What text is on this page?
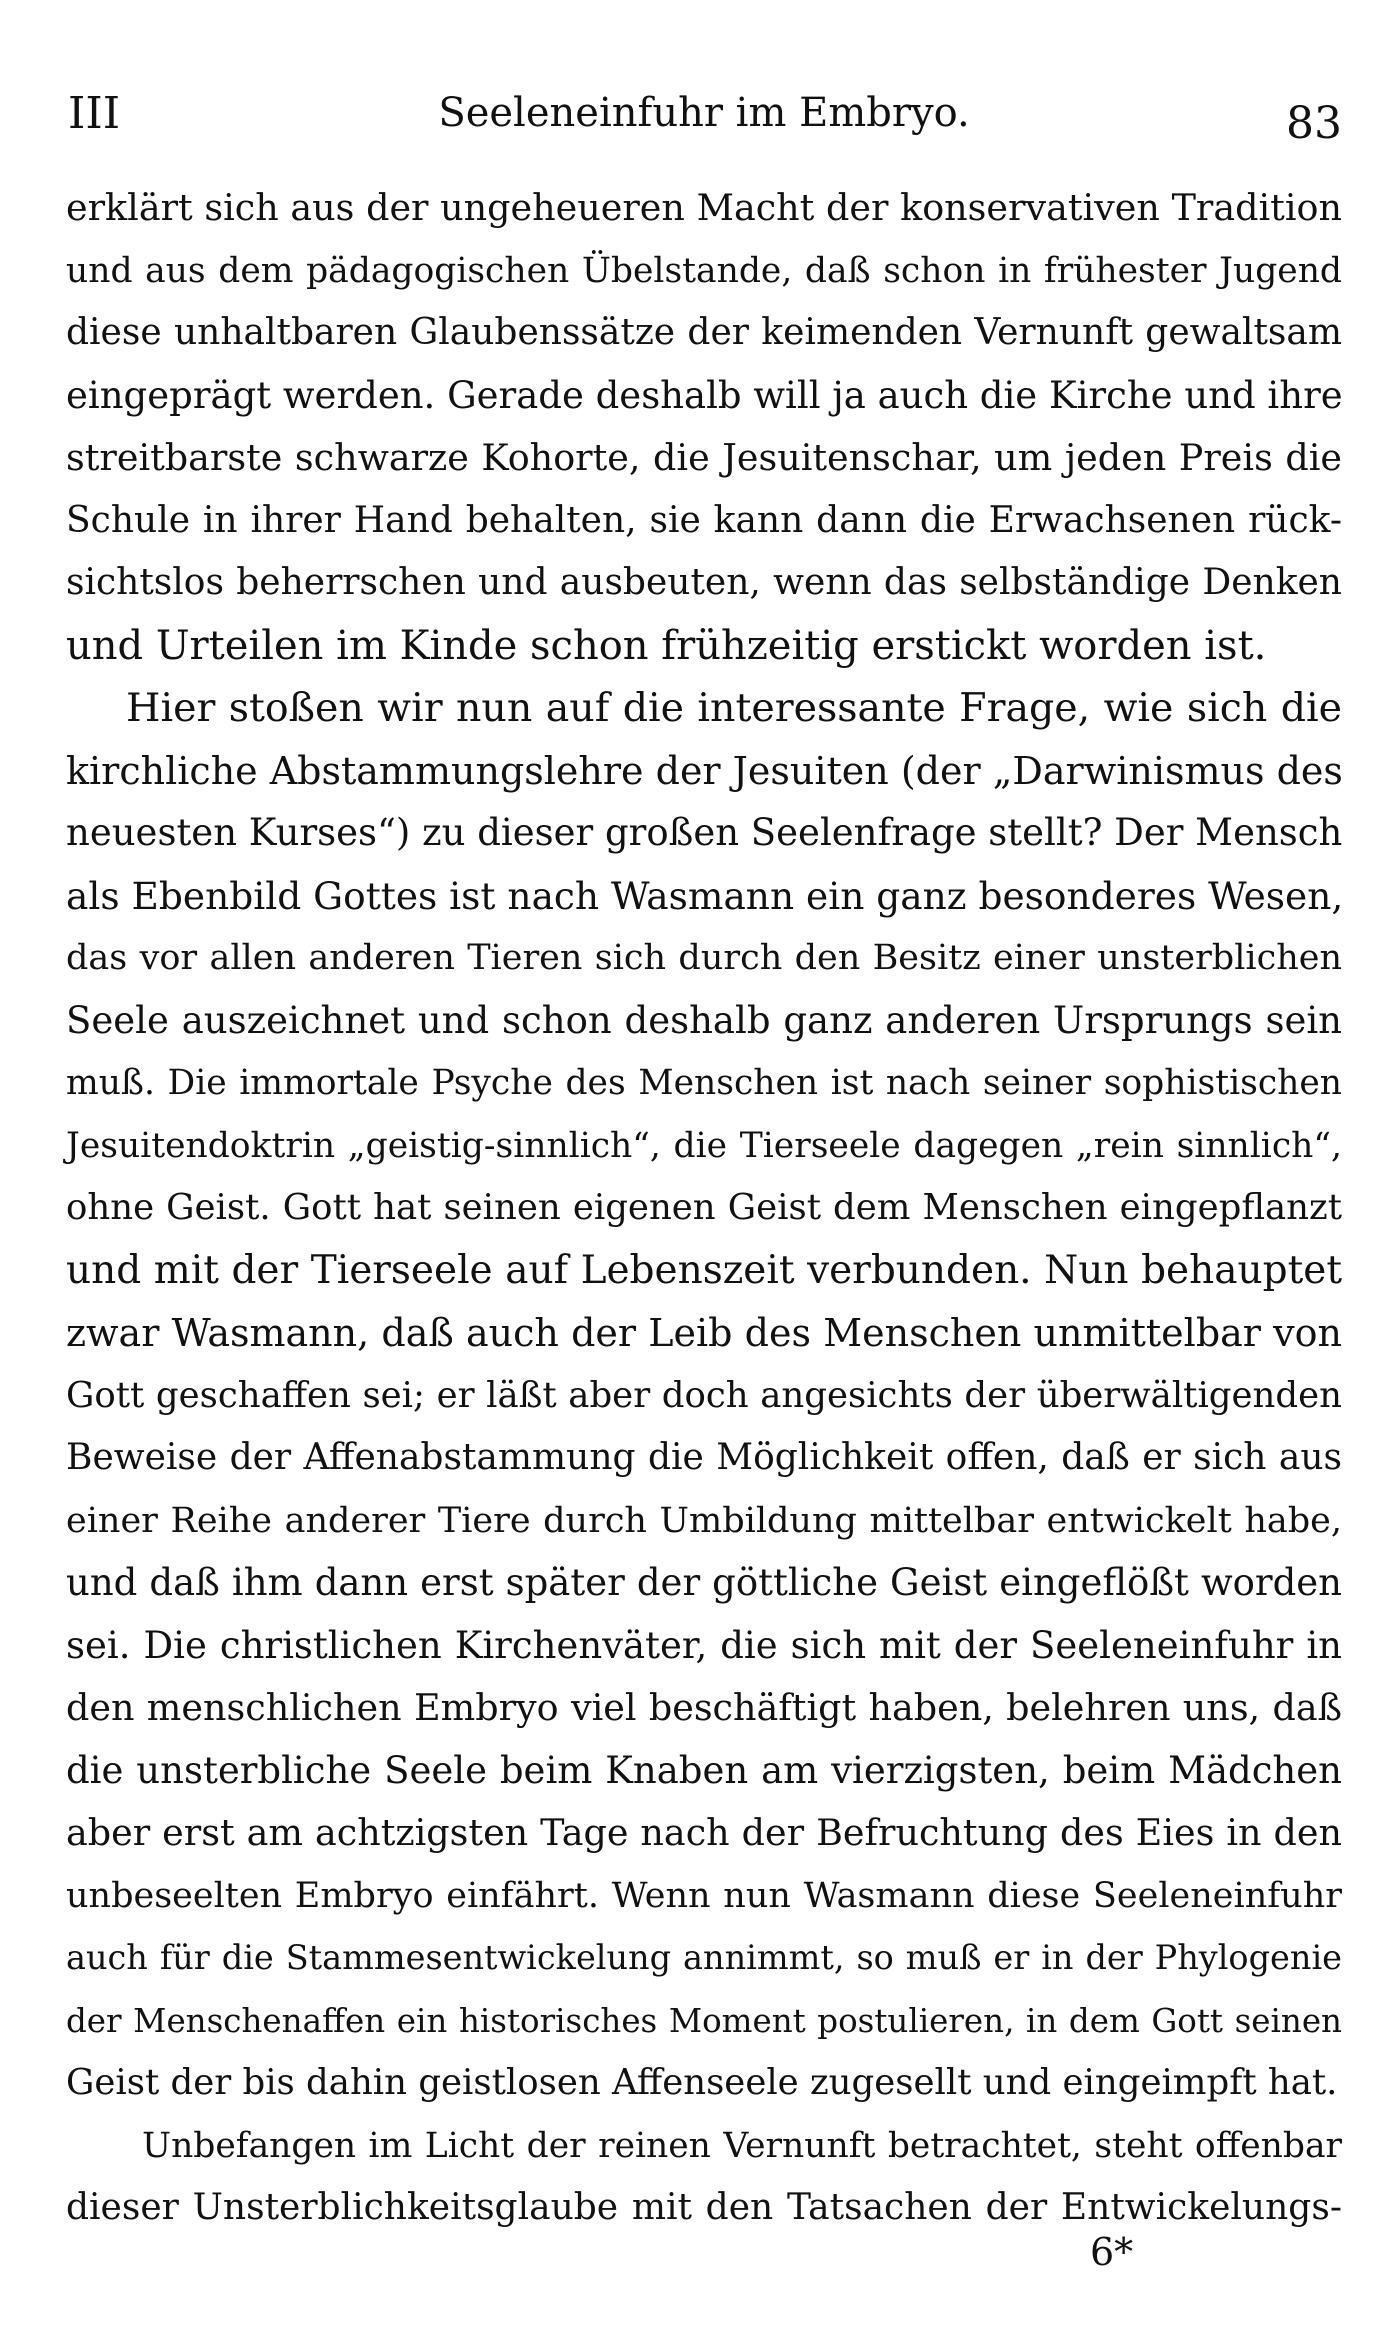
III	Seeleneinfuhr im Embryo.	83
erklärt sich aus der ungeheueren Macht der konservativen Tradition
und aus dem pädagogischen Übelstande, daß schon in frühester Jugend
diese unhaltbaren Glaubenssätze der keimenden Vernunft gewaltsam
eingeprägt werden. Gerade deshalb will ja auch die Kirche und ihre
streitbarste schwarze Kohorte, die Jesuitenschar, um jeden Preis die
Schule in ihrer Hand behalten, sie kann dann die Erwachsenen rück-
sichtslos beherrschen und ausbeuten, wenn das selbständige Denken
und Urteilen im Kinde schon frühzeitig erstickt worden ist.
Hier stoßen wir nun auf die interessante Frage, wie sich die
kirchliche Abstammungslehre der Jesuiten (der „Darwinismus des
neuesten Kurses“) zu dieser großen Seelenfrage stellt? Der Mensch
als Ebenbild Gottes ist nach Wasmann ein ganz besonderes Wesen,
das vor allen anderen Tieren sich durch den Besitz einer unsterblichen
Seele auszeichnet und schon deshalb ganz anderen Ursprungs sein
muß. Die immortale Psyche des Menschen ist nach seiner sophistischen
Jesuitendoktrin „geistig-sinnlich“, die Tierseele dagegen „rein sinnlich“,
ohne Geist. Gott hat seinen eigenen Geist dem Menschen eingepflanzt
und mit der Tierseele auf Lebenszeit verbunden. Nun behauptet
zwar Wasmann, daß auch der Leib des Menschen unmittelbar von
Gott geschaffen sei; er läßt aber doch angesichts der überwältigenden
Beweise der Affenabstammung die Möglichkeit offen, daß er sich aus
einer Reihe anderer Tiere durch Umbildung mittelbar entwickelt habe,
und daß ihm dann erst später der göttliche Geist eingeflößt worden
sei. Die christlichen Kirchenväter, die sich mit der Seeleneinfuhr in
den menschlichen Embryo viel beschäftigt haben, belehren uns, daß
die unsterbliche Seele beim Knaben am vierzigsten, beim Mädchen
aber erst am achtzigsten Tage nach der Befruchtung des Eies in den
unbeseelten Embryo einfährt. Wenn nun Wasmann diese Seeleneinfuhr
auch für die Stammesentwickelung annimmt, so muß er in der Phylogenie
der Menschenaffen ein historisches Moment postulieren, in dem Gott seinen
Geist der bis dahin geistlosen Affenseele zugesellt und eingeimpft hat.
Unbefangen im Licht der reinen Vernunft betrachtet, steht offenbar
dieser Unsterblichkeitsglaube mit den Tatsachen der Entwickelungs-
6*
